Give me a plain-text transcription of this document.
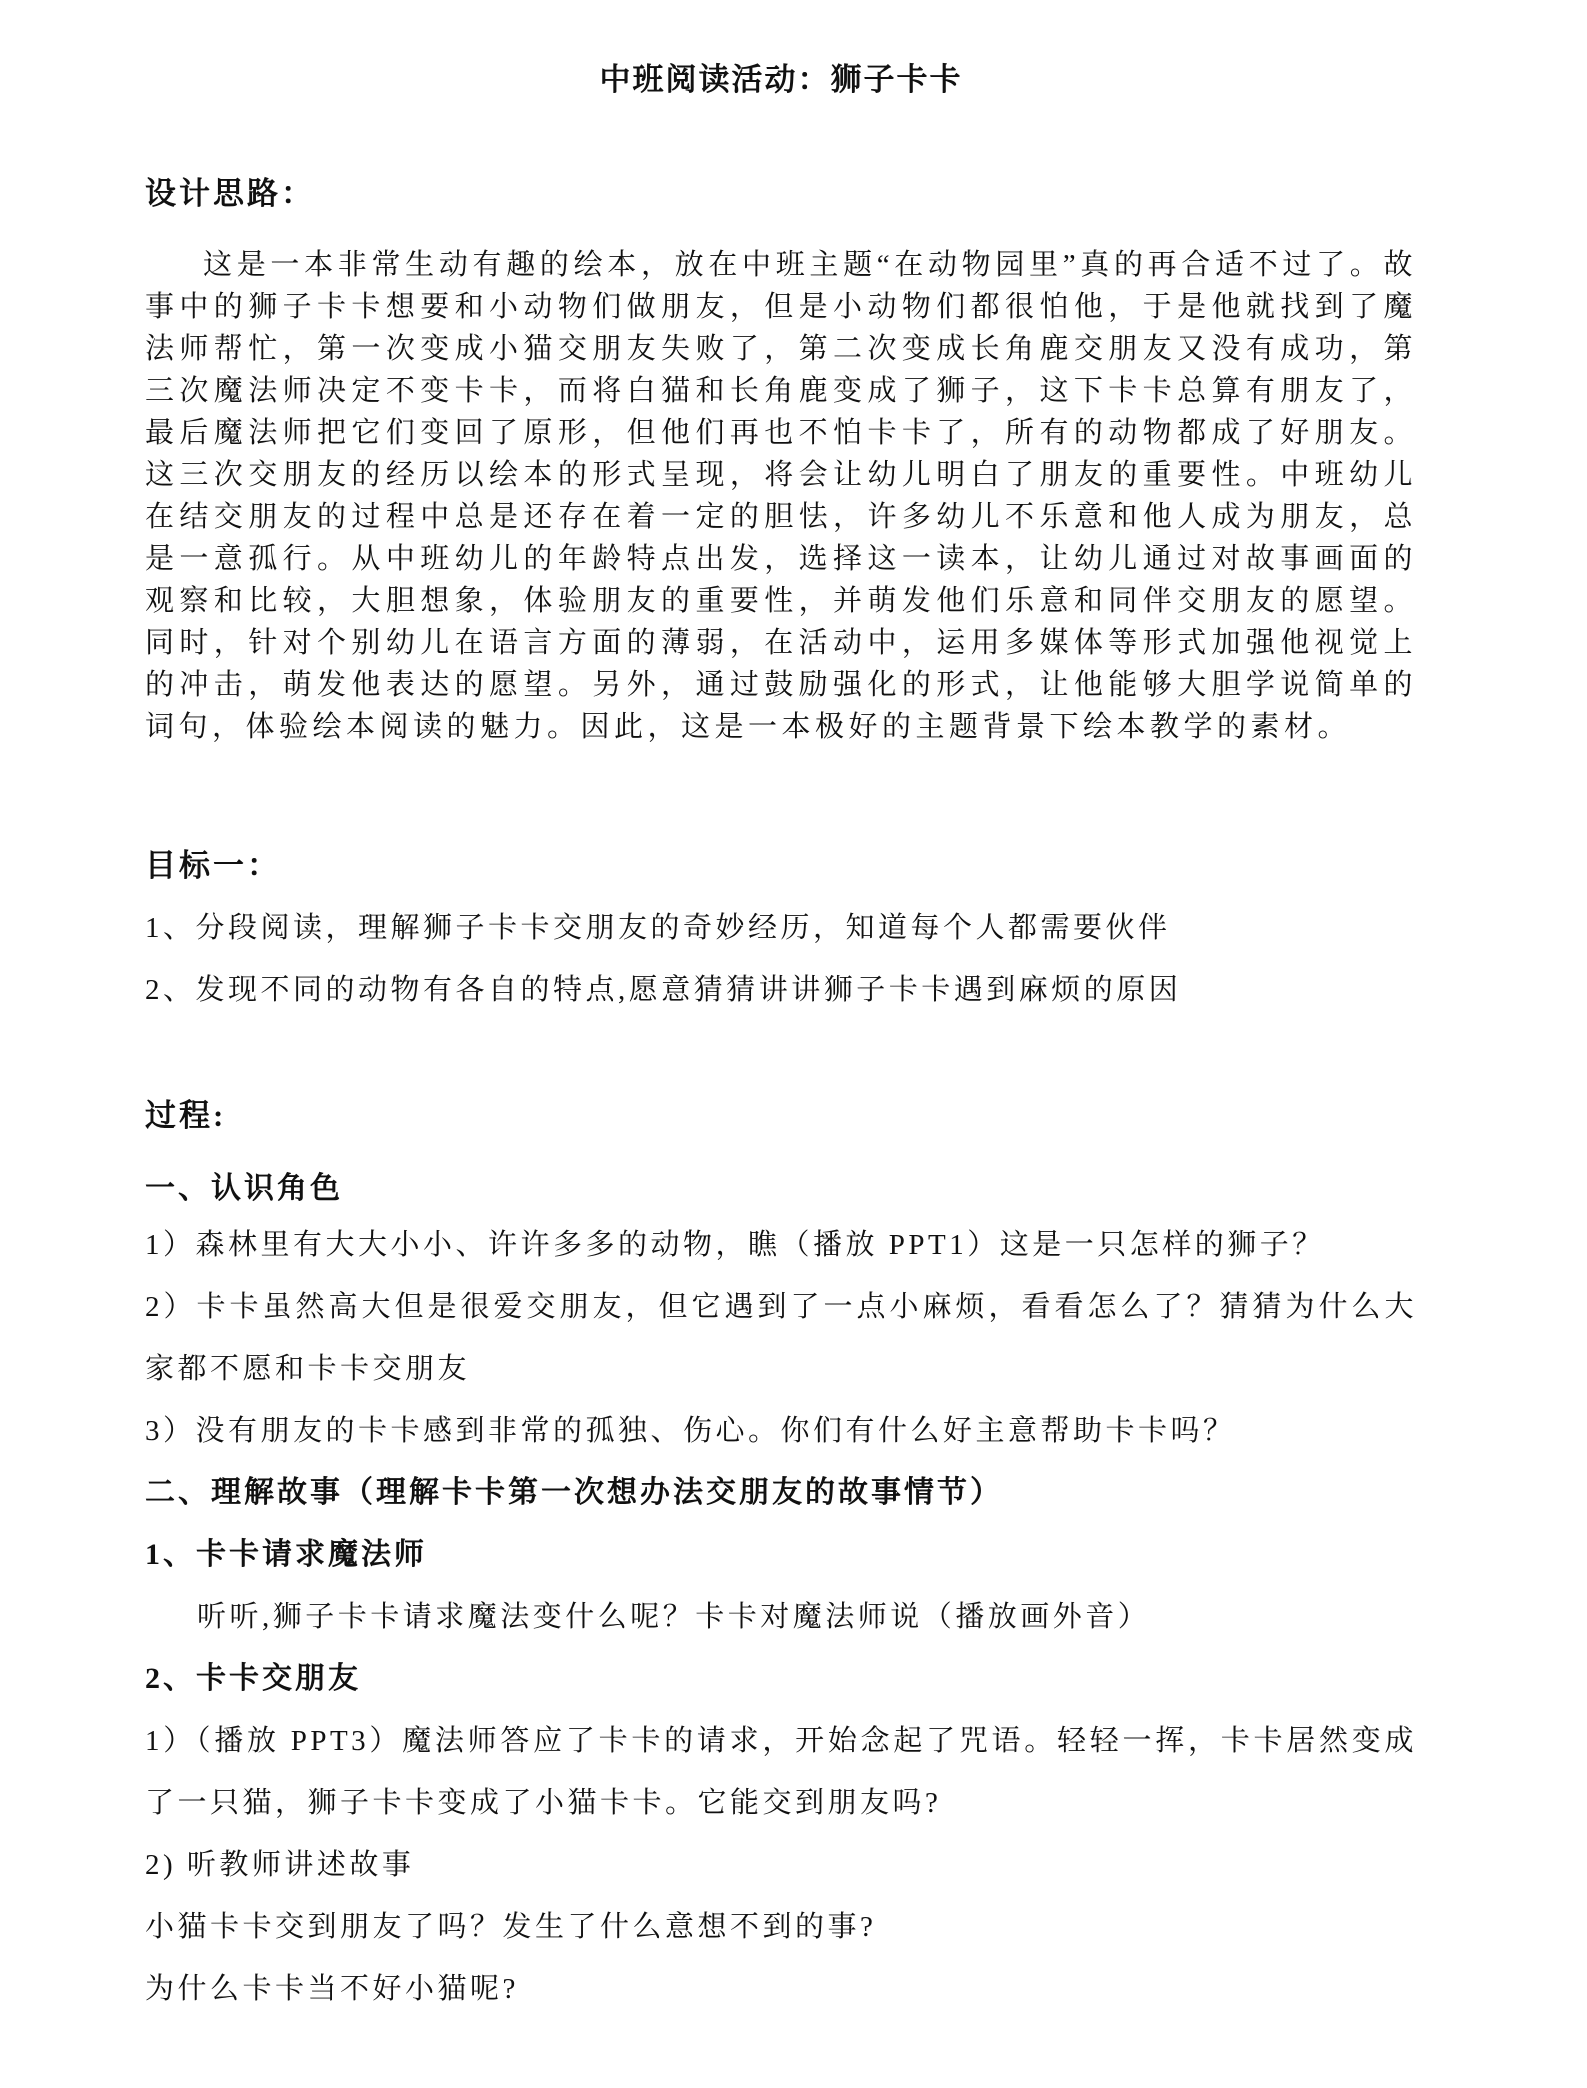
中班阅读活动：狮子卡卡
设计思路：
这是一本非常生动有趣的绘本，放在中班主题“在动物园里”真的再合适不过了。故事中的狮子卡卡想要和小动物们做朋友，但是小动物们都很怕他，于是他就找到了魔法师帮忙，第一次变成小猫交朋友失败了，第二次变成长角鹿交朋友又没有成功，第三次魔法师决定不变卡卡，而将白猫和长角鹿变成了狮子，这下卡卡总算有朋友了，最后魔法师把它们变回了原形，但他们再也不怕卡卡了，所有的动物都成了好朋友。这三次交朋友的经历以绘本的形式呈现，将会让幼儿明白了朋友的重要性。中班幼儿在结交朋友的过程中总是还存在着一定的胆怯，许多幼儿不乐意和他人成为朋友，总是一意孤行。从中班幼儿的年龄特点出发，选择这一读本，让幼儿通过对故事画面的观察和比较，大胆想象，体验朋友的重要性，并萌发他们乐意和同伴交朋友的愿望。同时，针对个别幼儿在语言方面的薄弱，在活动中，运用多媒体等形式加强他视觉上的冲击，萌发他表达的愿望。另外，通过鼓励强化的形式，让他能够大胆学说简单的词句，体验绘本阅读的魅力。因此，这是一本极好的主题背景下绘本教学的素材。
目标一：
1、分段阅读，理解狮子卡卡交朋友的奇妙经历，知道每个人都需要伙伴
2、发现不同的动物有各自的特点,愿意猜猜讲讲狮子卡卡遇到麻烦的原因
过程:
一、认识角色
1）森林里有大大小小、许许多多的动物，瞧（播放 PPT1）这是一只怎样的狮子？
2）卡卡虽然高大但是很爱交朋友，但它遇到了一点小麻烦，看看怎么了？猜猜为什么大家都不愿和卡卡交朋友
3）没有朋友的卡卡感到非常的孤独、伤心。你们有什么好主意帮助卡卡吗？
二、理解故事（理解卡卡第一次想办法交朋友的故事情节）
1、卡卡请求魔法师
听听,狮子卡卡请求魔法变什么呢？卡卡对魔法师说（播放画外音）
2、卡卡交朋友
1）（播放 PPT3）魔法师答应了卡卡的请求，开始念起了咒语。轻轻一挥，卡卡居然变成了一只猫，狮子卡卡变成了小猫卡卡。它能交到朋友吗?
2) 听教师讲述故事
小猫卡卡交到朋友了吗？发生了什么意想不到的事?
为什么卡卡当不好小猫呢?
